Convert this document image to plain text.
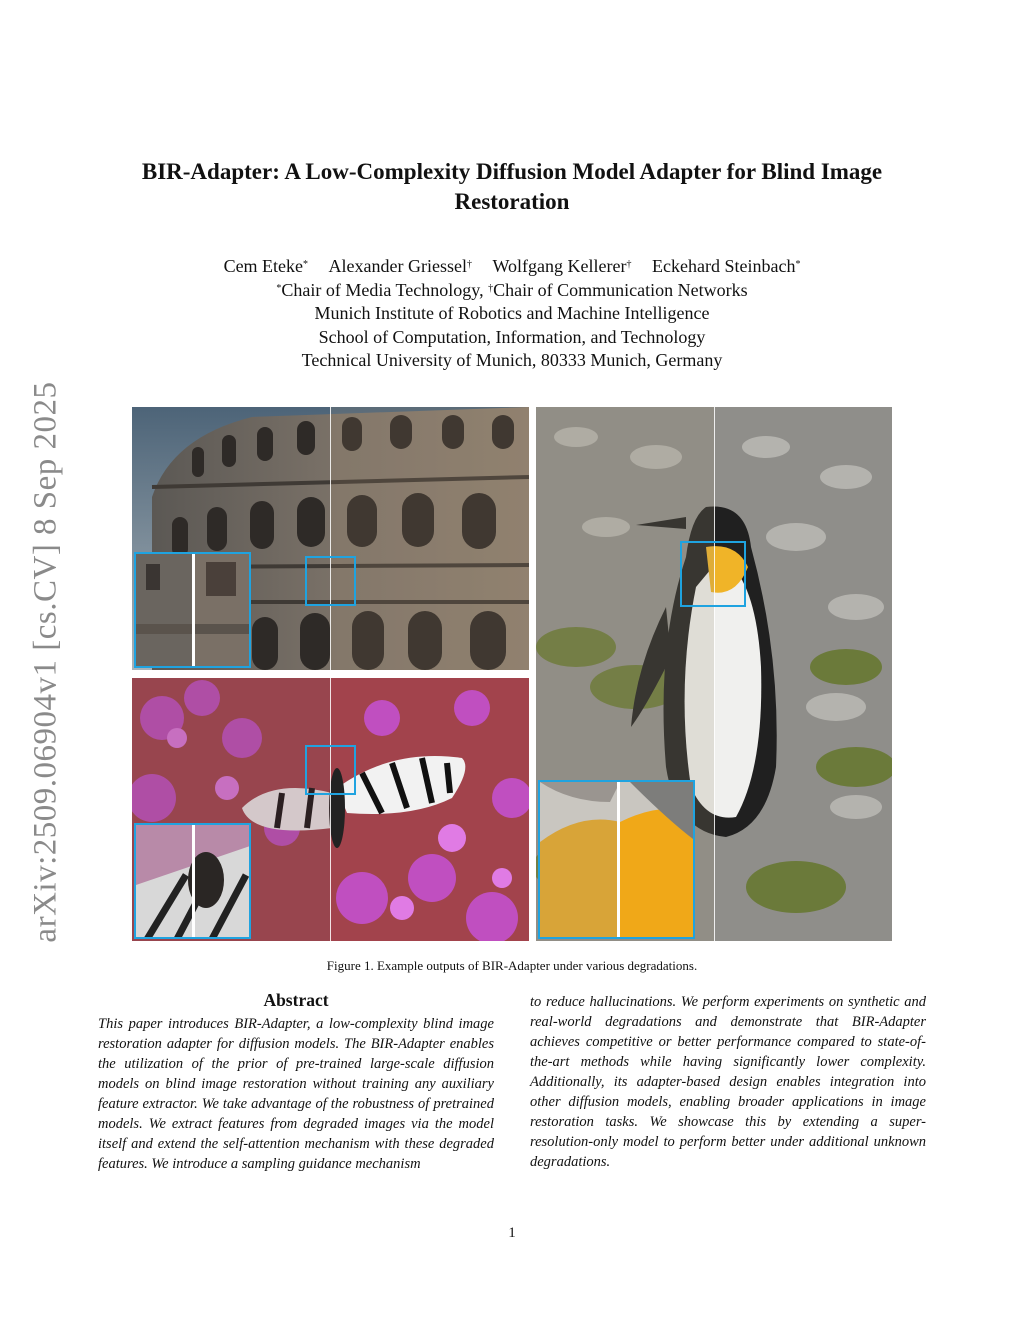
arXiv:2509.06904v1 [cs.CV] 8 Sep 2025
BIR-Adapter: A Low-Complexity Diffusion Model Adapter for Blind Image Restoration
Cem Eteke* Alexander Griessel† Wolfgang Kellerer† Eckehard Steinbach*
*Chair of Media Technology, †Chair of Communication Networks
Munich Institute of Robotics and Machine Intelligence
School of Computation, Information, and Technology
Technical University of Munich, 80333 Munich, Germany
Figure 1. Example outputs of BIR-Adapter under various degradations.
Abstract

This paper introduces BIR-Adapter, a low-complexity blind image restoration adapter for diffusion models. The BIR-Adapter enables the utilization of the prior of pre-trained large-scale diffusion models on blind image restoration without training any auxiliary feature extractor. We take advantage of the robustness of pretrained models. We extract features from degraded images via the model itself and extend the self-attention mechanism with these degraded features. We introduce a sampling guidance mechanism

to reduce hallucinations. We perform experiments on synthetic and real-world degradations and demonstrate that BIR-Adapter achieves competitive or better performance compared to state-of-the-art methods while having significantly lower complexity. Additionally, its adapter-based design enables integration into other diffusion models, enabling broader applications in image restoration tasks. We showcase this by extending a super-resolution-only model to perform better under additional unknown degradations.

1
